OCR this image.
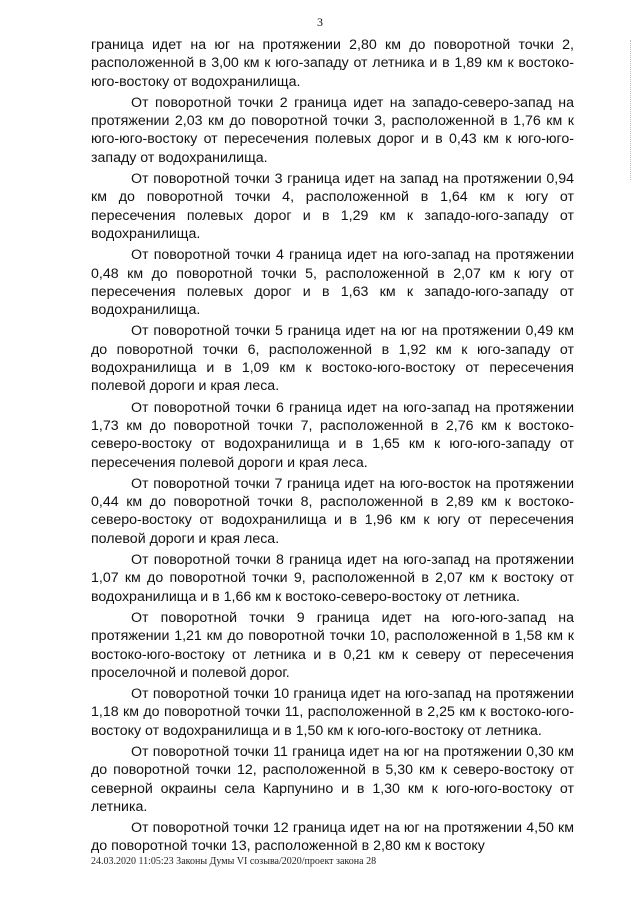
3

граница идет на юг на протяжении 2,80 км до поворотной точки 2, расположенной в 3,00 км к юго-западу от летника и в 1,89 км к востоко-юго-востоку от водохранилища.

От поворотной точки 2 граница идет на западо-северо-запад на протяжении 2,03 км до поворотной точки 3, расположенной в 1,76 км к юго-юго-востоку от пересечения полевых дорог и в 0,43 км к юго-юго-западу от водохранилища.

От поворотной точки 3 граница идет на запад на протяжении 0,94 км до поворотной точки 4, расположенной в 1,64 км к югу от пересечения полевых дорог и в 1,29 км к западо-юго-западу от водохранилища.

От поворотной точки 4 граница идет на юго-запад на протяжении 0,48 км до поворотной точки 5, расположенной в 2,07 км к югу от пересечения полевых дорог и в 1,63 км к западо-юго-западу от водохранилища.

От поворотной точки 5 граница идет на юг на протяжении 0,49 км до поворотной точки 6, расположенной в 1,92 км к юго-западу от водохранилища и в 1,09 км к востоко-юго-востоку от пересечения полевой дороги и края леса.

От поворотной точки 6 граница идет на юго-запад на протяжении 1,73 км до поворотной точки 7, расположенной в 2,76 км к востоко-северо-востоку от водохранилища и в 1,65 км к юго-юго-западу от пересечения полевой дороги и края леса.

От поворотной точки 7 граница идет на юго-восток на протяжении 0,44 км до поворотной точки 8, расположенной в 2,89 км к востоко-северо-востоку от водохранилища и в 1,96 км к югу от пересечения полевой дороги и края леса.

От поворотной точки 8 граница идет на юго-запад на протяжении 1,07 км до поворотной точки 9, расположенной в 2,07 км к востоку от водохранилища и в 1,66 км к востоко-северо-востоку от летника.

От поворотной точки 9 граница идет на юго-юго-запад на протяжении 1,21 км до поворотной точки 10, расположенной в 1,58 км к востоко-юго-востоку от летника и в 0,21 км к северу от пересечения проселочной и полевой дорог.

От поворотной точки 10 граница идет на юго-запад на протяжении 1,18 км до поворотной точки 11, расположенной в 2,25 км к востоко-юго-востоку от водохранилища и в 1,50 км к юго-юго-востоку от летника.

От поворотной точки 11 граница идет на юг на протяжении 0,30 км до поворотной точки 12, расположенной в 5,30 км к северо-востоку от северной окраины села Карпунино и в 1,30 км к юго-юго-востоку от летника.

От поворотной точки 12 граница идет на юг на протяжении 4,50 км до поворотной точки 13, расположенной в 2,80 км к востоку

24.03.2020 11:05:23 Законы Думы VI созыва/2020/проект закона 28
